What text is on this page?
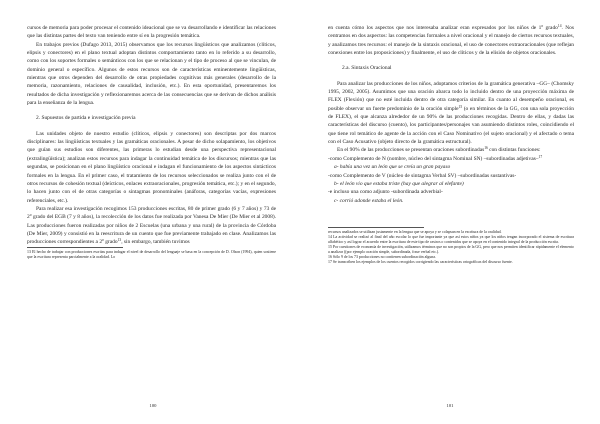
cursos de memoria para poder procesar el contenido ideacional que se va desarrollando e identificar las relaciones que las distintas partes del texto van teniendo entre sí en la progresión temática.

En trabajos previos (Dufago 2013, 2015) observamos que los recursos lingüísticos que analizamos (clíticos, elipsis y conectores) en el plano textual adoptan distintos comportamiento tanto en lo referido a su desarrollo, como con los soportes formales o semánticos con los que se relacionan y el tipo de proceso al que se vinculan, de dominio general o específico. Algunos de estos recursos son de características eminentemente lingüísticas, mientras que otros dependen del desarrollo de otras propiedades cognitivas más generales (desarrollo de la memoria, razonamiento, relaciones de causalidad, inclusión, etc.). En esta oportunidad, presentaremos los resultados de dicha investigación y reflexionaremos acerca de las consecuencias que se derivan de dichos análisis para la enseñanza de la lengua.

2. Supuestos de partida e investigación previa

Las unidades objeto de nuestro estudio (clíticos, elipsis y conectores) son descriptas por dos marcos disciplinares: las lingüísticas textuales y las gramáticas oracionales. A pesar de dicho solapamiento, los objetivos que guían sus estudios son diferentes, las primeras lo estudian desde una perspectiva representacional (extralingüística); analizan estos recursos para indagar la continuidad temática de los discursos; mientras que las segundas, se posicionan en el plano lingüístico oracional e indagan el funcionamiento de los aspectos sintácticos formales en la lengua. En el primer caso, el tratamiento de los recursos seleccionados se realiza junto con el de otros recursos de cohesión textual (deícticos, enlaces extraoracionales, progresión temática, etc.); y en el segundo, lo hacen junto con el de otras categorías o sintagmas pronominales (anáforas, categorías vacías, expresiones referenciales, etc.).

Para realizar esa investigación recogimos 153 producciones escritas, 80 de primer grado (6 y 7 años) y 73 de 2$^o$ grado del EGB (7 y 8 años), la recolección de los datos fue realizada por Vanesa De Mier (De Mier et al 2008). Las producciones fueron realizadas por niños de 2 Escuelas (una urbana y una rural) de la provincia de Córdoba (De Mier, 2009) y consistió en la reescritura de un cuento que fue previamente trabajado en clase. Analizamos las producciones correspondientes a 2$^o$ grado$^{13}$, sin embargo, también tuvimos

13 El hecho de trabajar con producciones escritas para indagar el nivel de desarrollo del lenguaje se basa en la concepción de D. Olson (1994), quien sostiene que la escritura representa parcialmente a la oralidad. Lo

100

en cuenta cómo los aspectos que nos interesaba analizar eran expresados por los niños de 1$^o$ grado$^{14}$. Nos centramos en dos aspectos: las competencias formales a nivel oracional y el manejo de ciertos recursos textuales, y analizamos tres recursos: el manejo de la sintaxis oracional, el uso de conectores extraoracionales (que reflejan conexiones entre los proposiciones) y finalmente, el uso de clíticos y de la elisión de objetos oracionales.

2.a. Sintaxis Oracional

Para analizar las producciones de los niños, adoptamos criterios de la gramática generativa –GG– (Chomsky 1995, 2002, 2005). Asumimos que una oración abarca todo lo incluido dentro de una proyección máxima de FLEX (Flexión) que no esté incluida dentro de otra categoría similar. En cuanto al desempeño oracional, es posible observar un fuerte predominio de la oración simple$^{15}$ (o en términos de la GG, con una sola proyección de FLEX), el que alcanza alrededor de un 90% de las producciones recogidas. Dentro de ellas, y dadas las características del discurso (cuento), los participantes/personajes van asumiendo distintos roles, coincidiendo el que tiene rol temático de agente de la acción con el Caso Nominativo (el sujeto oracional) y el afectado o tema con el Caso Acusativo (objeto directo de la gramática estructural).

En el 90% de las producciones se presentan oraciones subordinadas$^{16}$ con distintas funciones:

-como Complemento de N (nombre, núcleo del sintagma Nominal SN) –subordinadas adjetivas–$^{17}$

a- había una vez un león que se creía un gran payaso

-como Complemento de V (núcleo de sintagma Verbal SV) –subordinadas sustantivas-

b- el león vio que estaba triste (hay que alegrar al elefante)

-e incluso una como adjunto -subordinada adverbial-

c- corrió adonde estaba el león.

recursos analizados se utilizan justamente en la lengua que se apoya y se colapsan en la escritura de la oralidad.

14 La actividad se realizó al final del año escolar lo que fue importante ya que así estos niños ya que los niños tengan incorporado el sistema de escritura alfabético y así lograr el acuerdo entre la escritura de este tipo de rastros o contenidos que se apoya en el contenido integral de la producción escrita.

15 Por cuestiones de economía de investigación, utilizamos términos que no son propios de la GG, pero que nos permiten identificar rápidamente el elemento a analizar ((por ejemplo oración simple, subordinada, frase verbal etc.).

16 Sólo 9 de los 73 producciones no contienen subordinación alguna.

17 Se transcriben los ejemplos de los cuentos recogidos corrigiendo las características ortográficas del discurso fuente.

101
